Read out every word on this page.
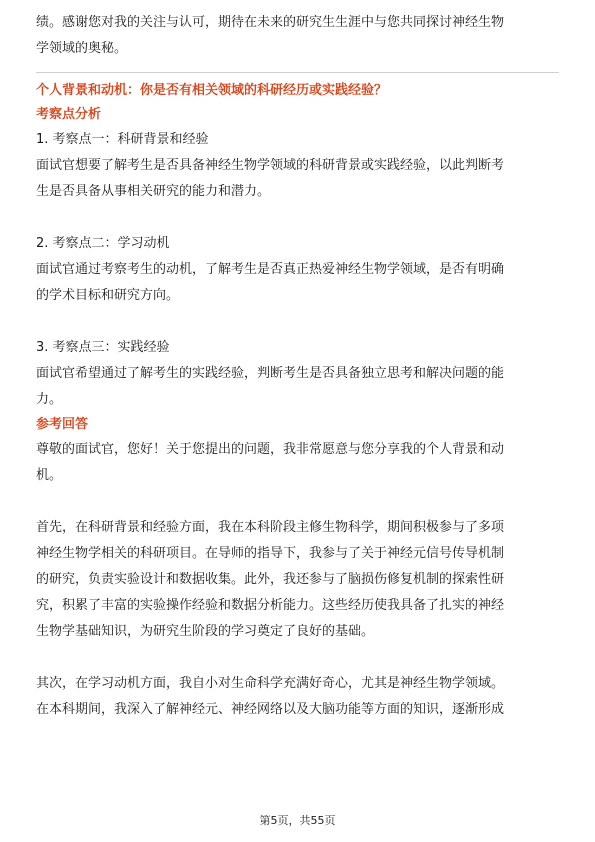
绩。感谢您对我的关注与认可，期待在未来的研究生生涯中与您共同探讨神经生物

学领域的奥秘。

个人背景和动机：你是否有相关领域的科研经历或实践经验？

考察点分析

1. 考察点一：科研背景和经验

面试官想要了解考生是否具备神经生物学领域的科研背景或实践经验，以此判断考

生是否具备从事相关研究的能力和潜力。

2. 考察点二：学习动机

面试官通过考察考生的动机，了解考生是否真正热爱神经生物学领域，是否有明确

的学术目标和研究方向。

3. 考察点三：实践经验

面试官希望通过了解考生的实践经验，判断考生是否具备独立思考和解决问题的能

力。

参考回答

尊敬的面试官，您好！关于您提出的问题，我非常愿意与您分享我的个人背景和动

机。

首先，在科研背景和经验方面，我在本科阶段主修生物科学，期间积极参与了多项

神经生物学相关的科研项目。在导师的指导下，我参与了关于神经元信号传导机制

的研究，负责实验设计和数据收集。此外，我还参与了脑损伤修复机制的探索性研

究，积累了丰富的实验操作经验和数据分析能力。这些经历使我具备了扎实的神经

生物学基础知识，为研究生阶段的学习奠定了良好的基础。

其次，在学习动机方面，我自小对生命科学充满好奇心，尤其是神经生物学领域。

在本科期间，我深入了解神经元、神经网络以及大脑功能等方面的知识，逐渐形成

第5页，共55页
